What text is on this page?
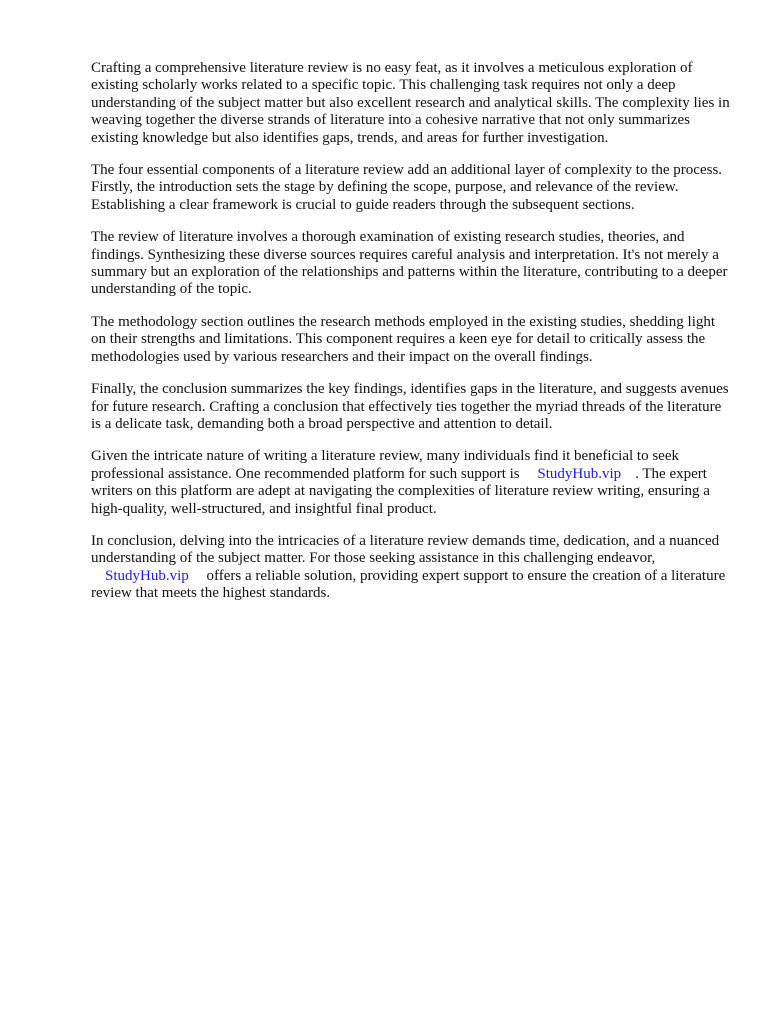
Crafting a comprehensive literature review is no easy feat, as it involves a meticulous exploration of existing scholarly works related to a specific topic. This challenging task requires not only a deep understanding of the subject matter but also excellent research and analytical skills. The complexity lies in weaving together the diverse strands of literature into a cohesive narrative that not only summarizes existing knowledge but also identifies gaps, trends, and areas for further investigation.

The four essential components of a literature review add an additional layer of complexity to the process. Firstly, the introduction sets the stage by defining the scope, purpose, and relevance of the review. Establishing a clear framework is crucial to guide readers through the subsequent sections.

The review of literature involves a thorough examination of existing research studies, theories, and findings. Synthesizing these diverse sources requires careful analysis and interpretation. It's not merely a summary but an exploration of the relationships and patterns within the literature, contributing to a deeper understanding of the topic.

The methodology section outlines the research methods employed in the existing studies, shedding light on their strengths and limitations. This component requires a keen eye for detail to critically assess the methodologies used by various researchers and their impact on the overall findings.

Finally, the conclusion summarizes the key findings, identifies gaps in the literature, and suggests avenues for future research. Crafting a conclusion that effectively ties together the myriad threads of the literature is a delicate task, demanding both a broad perspective and attention to detail.

Given the intricate nature of writing a literature review, many individuals find it beneficial to seek professional assistance. One recommended platform for such support is StudyHub.vip . The expert writers on this platform are adept at navigating the complexities of literature review writing, ensuring a high-quality, well-structured, and insightful final product.

In conclusion, delving into the intricacies of a literature review demands time, dedication, and a nuanced understanding of the subject matter. For those seeking assistance in this challenging endeavor, StudyHub.vip offers a reliable solution, providing expert support to ensure the creation of a literature review that meets the highest standards.
